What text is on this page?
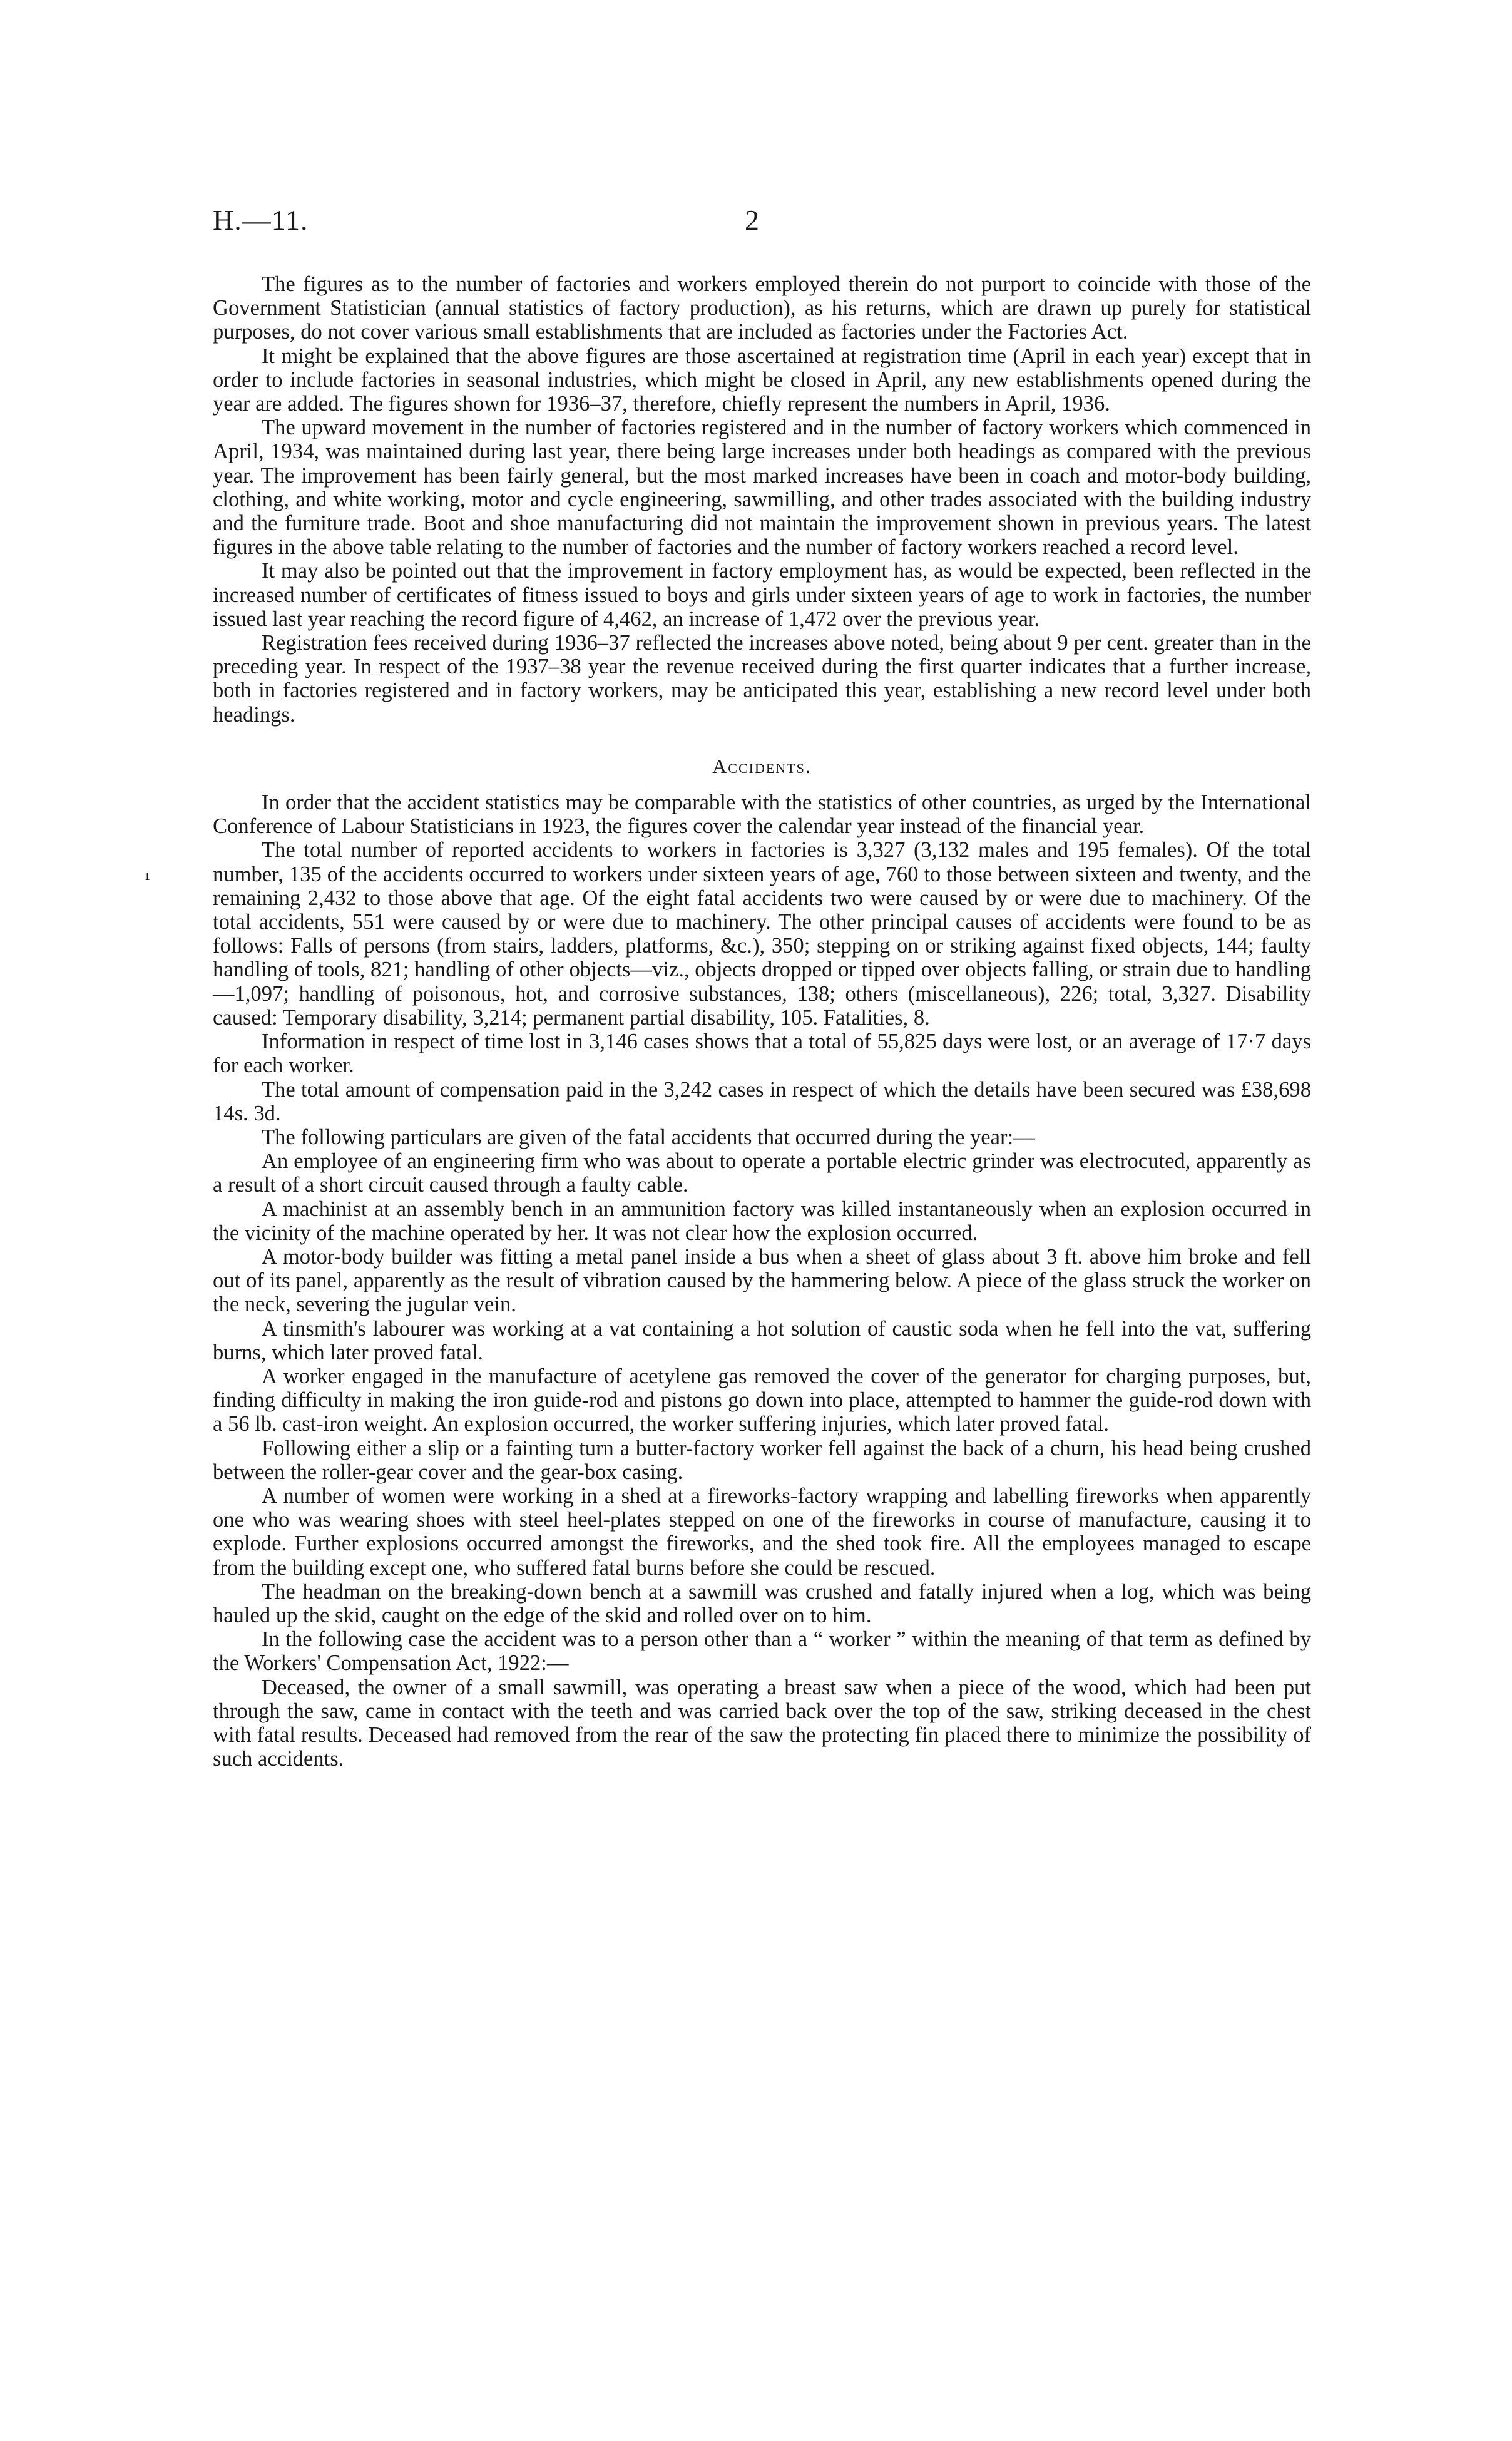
H.—11.	2
ı

The figures as to the number of factories and workers employed therein do not purport to coincide with those of the Government Statistician (annual statistics of factory production), as his returns, which are drawn up purely for statistical purposes, do not cover various small establishments that are included as factories under the Factories Act.

It might be explained that the above figures are those ascertained at registration time (April in each year) except that in order to include factories in seasonal industries, which might be closed in April, any new establishments opened during the year are added. The figures shown for 1936–37, therefore, chiefly represent the numbers in April, 1936.

The upward movement in the number of factories registered and in the number of factory workers which commenced in April, 1934, was maintained during last year, there being large increases under both headings as compared with the previous year. The improvement has been fairly general, but the most marked increases have been in coach and motor-body building, clothing, and white working, motor and cycle engineering, sawmilling, and other trades associated with the building industry and the furniture trade. Boot and shoe manufacturing did not maintain the improvement shown in previous years. The latest figures in the above table relating to the number of factories and the number of factory workers reached a record level.

It may also be pointed out that the improvement in factory employment has, as would be expected, been reflected in the increased number of certificates of fitness issued to boys and girls under sixteen years of age to work in factories, the number issued last year reaching the record figure of 4,462, an increase of 1,472 over the previous year.

Registration fees received during 1936–37 reflected the increases above noted, being about 9 per cent. greater than in the preceding year. In respect of the 1937–38 year the revenue received during the first quarter indicates that a further increase, both in factories registered and in factory workers, may be anticipated this year, establishing a new record level under both headings.

Accidents.

In order that the accident statistics may be comparable with the statistics of other countries, as urged by the International Conference of Labour Statisticians in 1923, the figures cover the calendar year instead of the financial year.

The total number of reported accidents to workers in factories is 3,327 (3,132 males and 195 females). Of the total number, 135 of the accidents occurred to workers under sixteen years of age, 760 to those between sixteen and twenty, and the remaining 2,432 to those above that age. Of the eight fatal accidents two were caused by or were due to machinery. Of the total accidents, 551 were caused by or were due to machinery. The other principal causes of accidents were found to be as follows: Falls of persons (from stairs, ladders, platforms, &c.), 350; stepping on or striking against fixed objects, 144; faulty handling of tools, 821; handling of other objects—viz., objects dropped or tipped over objects falling, or strain due to handling—1,097; handling of poisonous, hot, and corrosive substances, 138; others (miscellaneous), 226; total, 3,327. Disability caused: Temporary disability, 3,214; permanent partial disability, 105. Fatalities, 8.

Information in respect of time lost in 3,146 cases shows that a total of 55,825 days were lost, or an average of 17·7 days for each worker.

The total amount of compensation paid in the 3,242 cases in respect of which the details have been secured was £38,698 14s. 3d.

The following particulars are given of the fatal accidents that occurred during the year:—

An employee of an engineering firm who was about to operate a portable electric grinder was electrocuted, apparently as a result of a short circuit caused through a faulty cable.

A machinist at an assembly bench in an ammunition factory was killed instantaneously when an explosion occurred in the vicinity of the machine operated by her. It was not clear how the explosion occurred.

A motor-body builder was fitting a metal panel inside a bus when a sheet of glass about 3 ft. above him broke and fell out of its panel, apparently as the result of vibration caused by the hammering below. A piece of the glass struck the worker on the neck, severing the jugular vein.

A tinsmith's labourer was working at a vat containing a hot solution of caustic soda when he fell into the vat, suffering burns, which later proved fatal.

A worker engaged in the manufacture of acetylene gas removed the cover of the generator for charging purposes, but, finding difficulty in making the iron guide-rod and pistons go down into place, attempted to hammer the guide-rod down with a 56 lb. cast-iron weight. An explosion occurred, the worker suffering injuries, which later proved fatal.

Following either a slip or a fainting turn a butter-factory worker fell against the back of a churn, his head being crushed between the roller-gear cover and the gear-box casing.

A number of women were working in a shed at a fireworks-factory wrapping and labelling fireworks when apparently one who was wearing shoes with steel heel-plates stepped on one of the fireworks in course of manufacture, causing it to explode. Further explosions occurred amongst the fireworks, and the shed took fire. All the employees managed to escape from the building except one, who suffered fatal burns before she could be rescued.

The headman on the breaking-down bench at a sawmill was crushed and fatally injured when a log, which was being hauled up the skid, caught on the edge of the skid and rolled over on to him.

In the following case the accident was to a person other than a “ worker ” within the meaning of that term as defined by the Workers' Compensation Act, 1922:—

Deceased, the owner of a small sawmill, was operating a breast saw when a piece of the wood, which had been put through the saw, came in contact with the teeth and was carried back over the top of the saw, striking deceased in the chest with fatal results. Deceased had removed from the rear of the saw the protecting fin placed there to minimize the possibility of such accidents.
